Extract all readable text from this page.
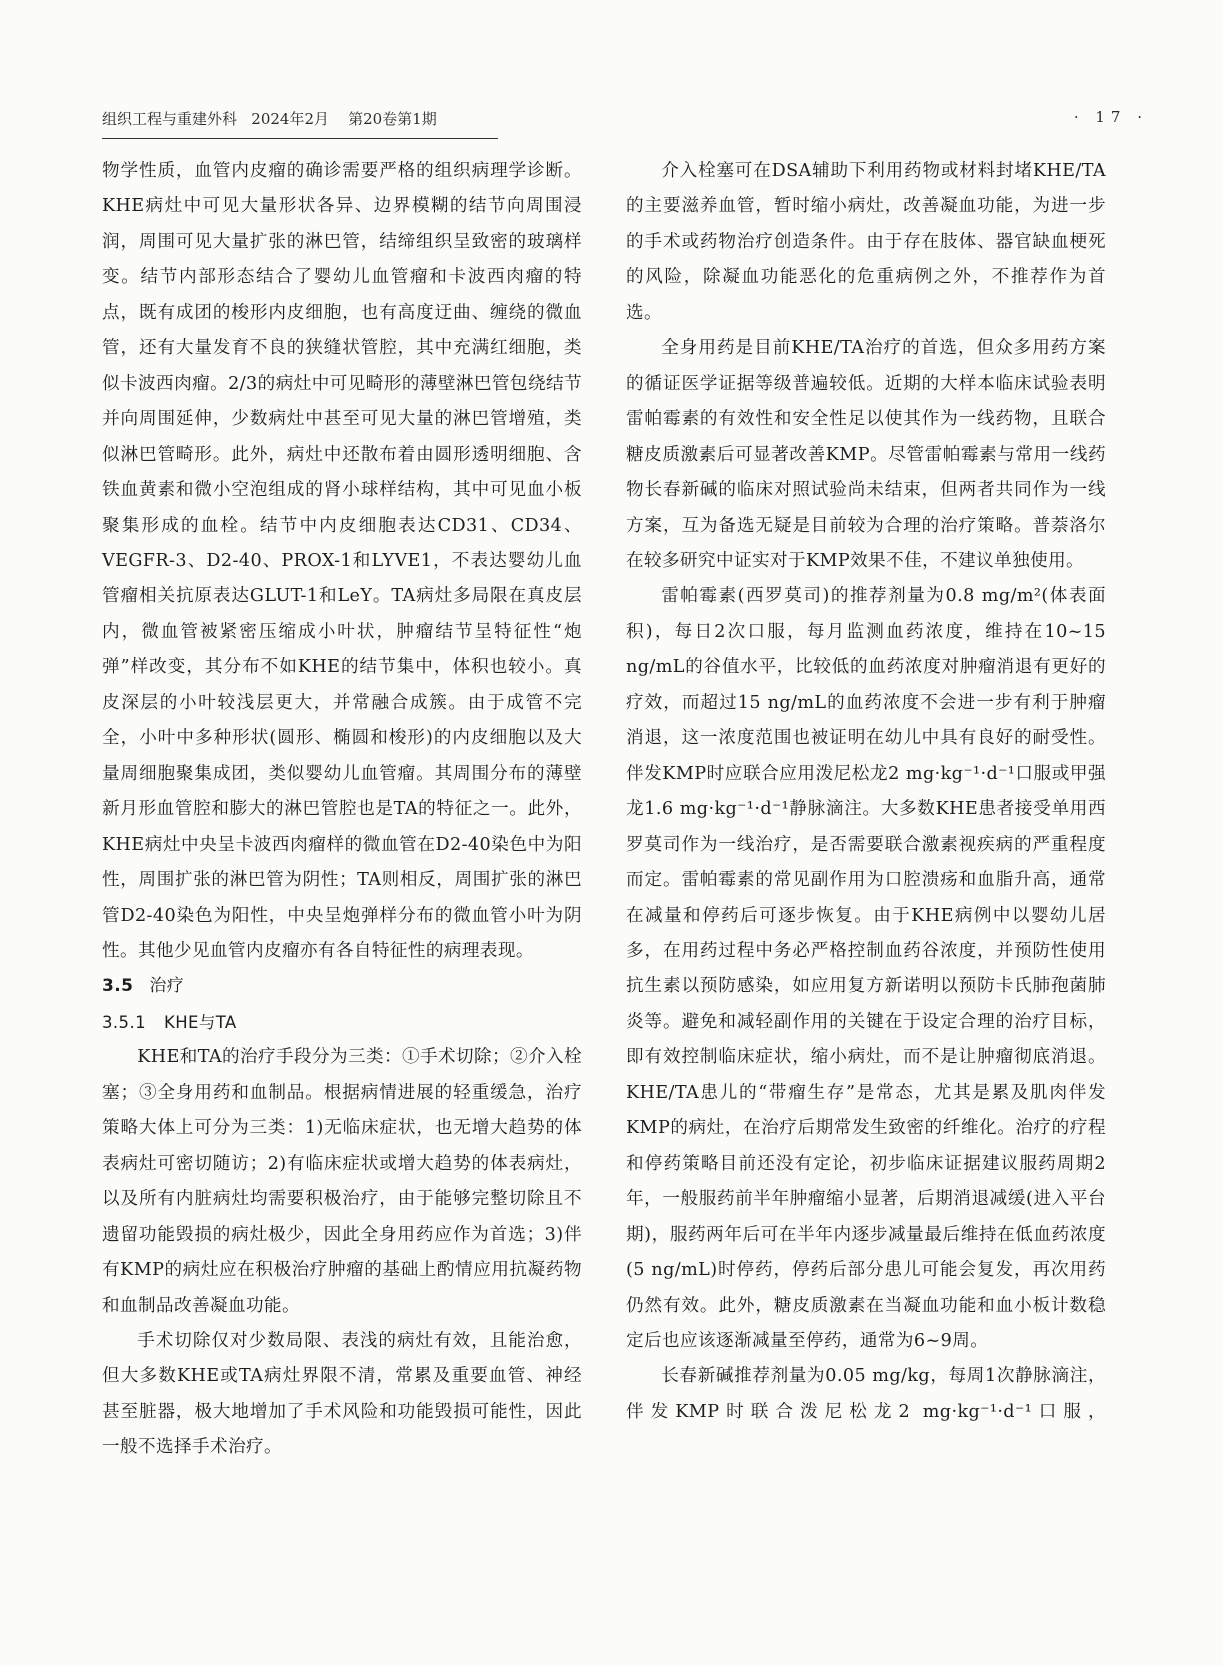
组织工程与重建外科   2024年2月    第20卷第1期	· 17 ·

物学性质，血管内皮瘤的确诊需要严格的组织病理学诊断。KHE病灶中可见大量形状各异、边界模糊的结节向周围浸润，周围可见大量扩张的淋巴管，结缔组织呈致密的玻璃样变。结节内部形态结合了婴幼儿血管瘤和卡波西肉瘤的特点，既有成团的梭形内皮细胞，也有高度迂曲、缠绕的微血管，还有大量发育不良的狭缝状管腔，其中充满红细胞，类似卡波西肉瘤。2/3的病灶中可见畸形的薄壁淋巴管包绕结节并向周围延伸，少数病灶中甚至可见大量的淋巴管增殖，类似淋巴管畸形。此外，病灶中还散布着由圆形透明细胞、含铁血黄素和微小空泡组成的肾小球样结构，其中可见血小板聚集形成的血栓。结节中内皮细胞表达CD31、CD34、VEGFR-3、D2-40、PROX-1和LYVE1，不表达婴幼儿血管瘤相关抗原表达GLUT-1和LeY。TA病灶多局限在真皮层内，微血管被紧密压缩成小叶状，肿瘤结节呈特征性“炮弹”样改变，其分布不如KHE的结节集中，体积也较小。真皮深层的小叶较浅层更大，并常融合成簇。由于成管不完全，小叶中多种形状(圆形、椭圆和梭形)的内皮细胞以及大量周细胞聚集成团，类似婴幼儿血管瘤。其周围分布的薄壁新月形血管腔和膨大的淋巴管腔也是TA的特征之一。此外，KHE病灶中央呈卡波西肉瘤样的微血管在D2-40染色中为阳性，周围扩张的淋巴管为阴性；TA则相反，周围扩张的淋巴管D2-40染色为阳性，中央呈炮弹样分布的微血管小叶为阴性。其他少见血管内皮瘤亦有各自特征性的病理表现。

3.5 治疗

3.5.1 KHE与TA

KHE和TA的治疗手段分为三类：①手术切除；②介入栓塞；③全身用药和血制品。根据病情进展的轻重缓急，治疗策略大体上可分为三类：1)无临床症状，也无增大趋势的体表病灶可密切随访；2)有临床症状或增大趋势的体表病灶，以及所有内脏病灶均需要积极治疗，由于能够完整切除且不遗留功能毁损的病灶极少，因此全身用药应作为首选；3)伴有KMP的病灶应在积极治疗肿瘤的基础上酌情应用抗凝药物和血制品改善凝血功能。

手术切除仅对少数局限、表浅的病灶有效，且能治愈，但大多数KHE或TA病灶界限不清，常累及重要血管、神经甚至脏器，极大地增加了手术风险和功能毁损可能性，因此一般不选择手术治疗。

介入栓塞可在DSA辅助下利用药物或材料封堵KHE/TA的主要滋养血管，暂时缩小病灶，改善凝血功能，为进一步的手术或药物治疗创造条件。由于存在肢体、器官缺血梗死的风险，除凝血功能恶化的危重病例之外，不推荐作为首选。

全身用药是目前KHE/TA治疗的首选，但众多用药方案的循证医学证据等级普遍较低。近期的大样本临床试验表明雷帕霉素的有效性和安全性足以使其作为一线药物，且联合糖皮质激素后可显著改善KMP。尽管雷帕霉素与常用一线药物长春新碱的临床对照试验尚未结束，但两者共同作为一线方案，互为备选无疑是目前较为合理的治疗策略。普萘洛尔在较多研究中证实对于KMP效果不佳，不建议单独使用。

雷帕霉素(西罗莫司)的推荐剂量为0.8 mg/m²(体表面积)，每日2次口服，每月监测血药浓度，维持在10~15 ng/mL的谷值水平，比较低的血药浓度对肿瘤消退有更好的疗效，而超过15 ng/mL的血药浓度不会进一步有利于肿瘤消退，这一浓度范围也被证明在幼儿中具有良好的耐受性。伴发KMP时应联合应用泼尼松龙2 mg·kg⁻¹·d⁻¹口服或甲强龙1.6 mg·kg⁻¹·d⁻¹静脉滴注。大多数KHE患者接受单用西罗莫司作为一线治疗，是否需要联合激素视疾病的严重程度而定。雷帕霉素的常见副作用为口腔溃疡和血脂升高，通常在减量和停药后可逐步恢复。由于KHE病例中以婴幼儿居多，在用药过程中务必严格控制血药谷浓度，并预防性使用抗生素以预防感染，如应用复方新诺明以预防卡氏肺孢菌肺炎等。避免和减轻副作用的关键在于设定合理的治疗目标，即有效控制临床症状，缩小病灶，而不是让肿瘤彻底消退。KHE/TA患儿的“带瘤生存”是常态，尤其是累及肌肉伴发KMP的病灶，在治疗后期常发生致密的纤维化。治疗的疗程和停药策略目前还没有定论，初步临床证据建议服药周期2年，一般服药前半年肿瘤缩小显著，后期消退减缓(进入平台期)，服药两年后可在半年内逐步减量最后维持在低血药浓度(5 ng/mL)时停药，停药后部分患儿可能会复发，再次用药仍然有效。此外，糖皮质激素在当凝血功能和血小板计数稳定后也应该逐渐减量至停药，通常为6~9周。

长春新碱推荐剂量为0.05 mg/kg，每周1次静脉滴注，伴发KMP时联合泼尼松龙2 mg·kg⁻¹·d⁻¹口服，
